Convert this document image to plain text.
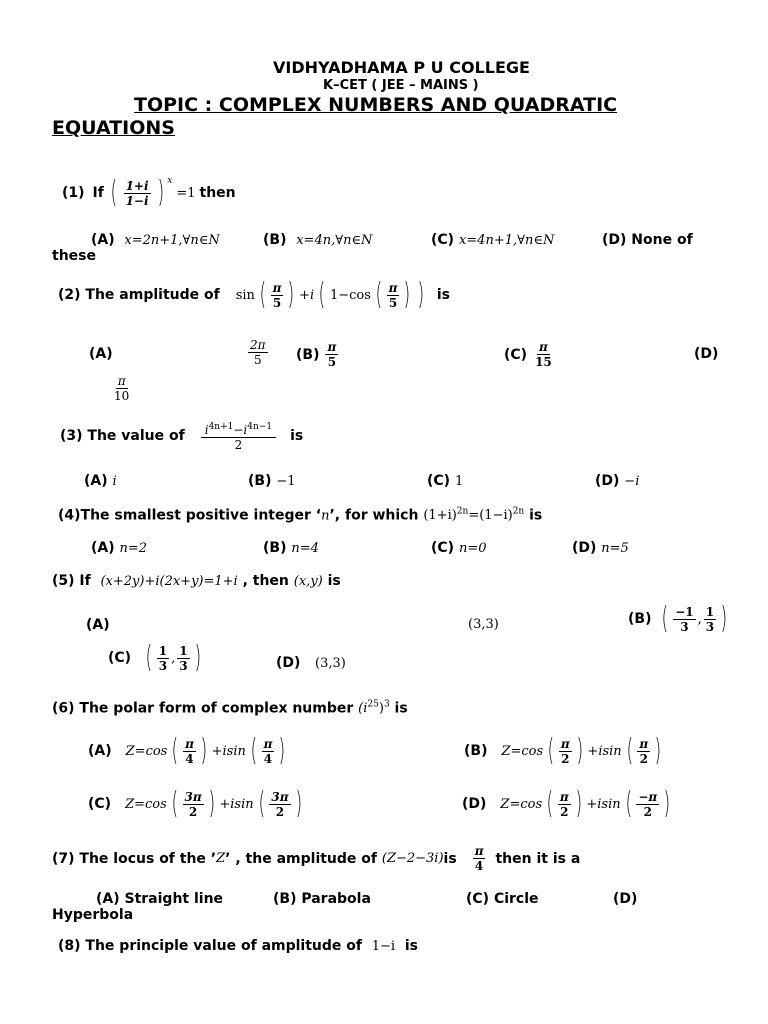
VIDHYADHAMA P U COLLEGE
K–CET ( JEE – MAINS )
TOPIC : COMPLEX NUMBERS AND QUADRATIC
EQUATIONS
(1) If ( $\frac{1+i}{1-i}$ ) x
=1 then
(A) x=2n+1,∀n∈N	(B) x=4n,∀n∈N	(C) x=4n+1,∀n∈N	(D) None of
these
(2) The amplitude of sin ( $\frac{\pi}{5}$ ) +i ( 1−cos ( $\frac{\pi}{5}$ ) ) is
(A)	$\frac{2\pi}{5} (B) \frac{\pi}{5}$	$(C) \frac{\pi}{15}$	(D)
$\frac{\pi}{10}$
(3) The value of $\frac{i^{4n+1}-i^{4n-1}}{2}$ is
(A) i	(B) −1	(C) 1	(D) −i
(4)The smallest positive integer ‘n’, for which $(1+i)^{2n}=(1-i)^{2n}$ is
(A) n=2	(B) n=4	(C) n=0	(D) n=5
(5) If (x+2y)+i(2x+y)=1+i , then (x,y) is
(A)	(3,3)	(B) ( $\frac{-1}{3}$ , $\frac{1}{3}$ )
(C) ( $\frac{1}{3}$ , $\frac{1}{3}$ )	(D) (3,3)
(6) The polar form of complex number $(i^{25})^3$ is
(A) Z=cos ( $\frac{\pi}{4}$ ) +isin ( $\frac{\pi}{4}$ )	(B) Z=cos ( $\frac{\pi}{2}$ ) +isin ( $\frac{\pi}{2}$ )
(C) Z=cos ( $\frac{3\pi}{2}$ ) +isin ( $\frac{3\pi}{2}$ )	(D) Z=cos ( $\frac{\pi}{2}$ ) +isin ( $\frac{-\pi}{2}$ )
(7) The locus of the ’ Z ’ , the amplitude of
(Z−2−3i) is $\frac{\pi}{4}$ then it is a
(A) Straight line	(B) Parabola	(C) Circle	(D)
Hyperbola
(8) The principle value of amplitude of 1−i is
